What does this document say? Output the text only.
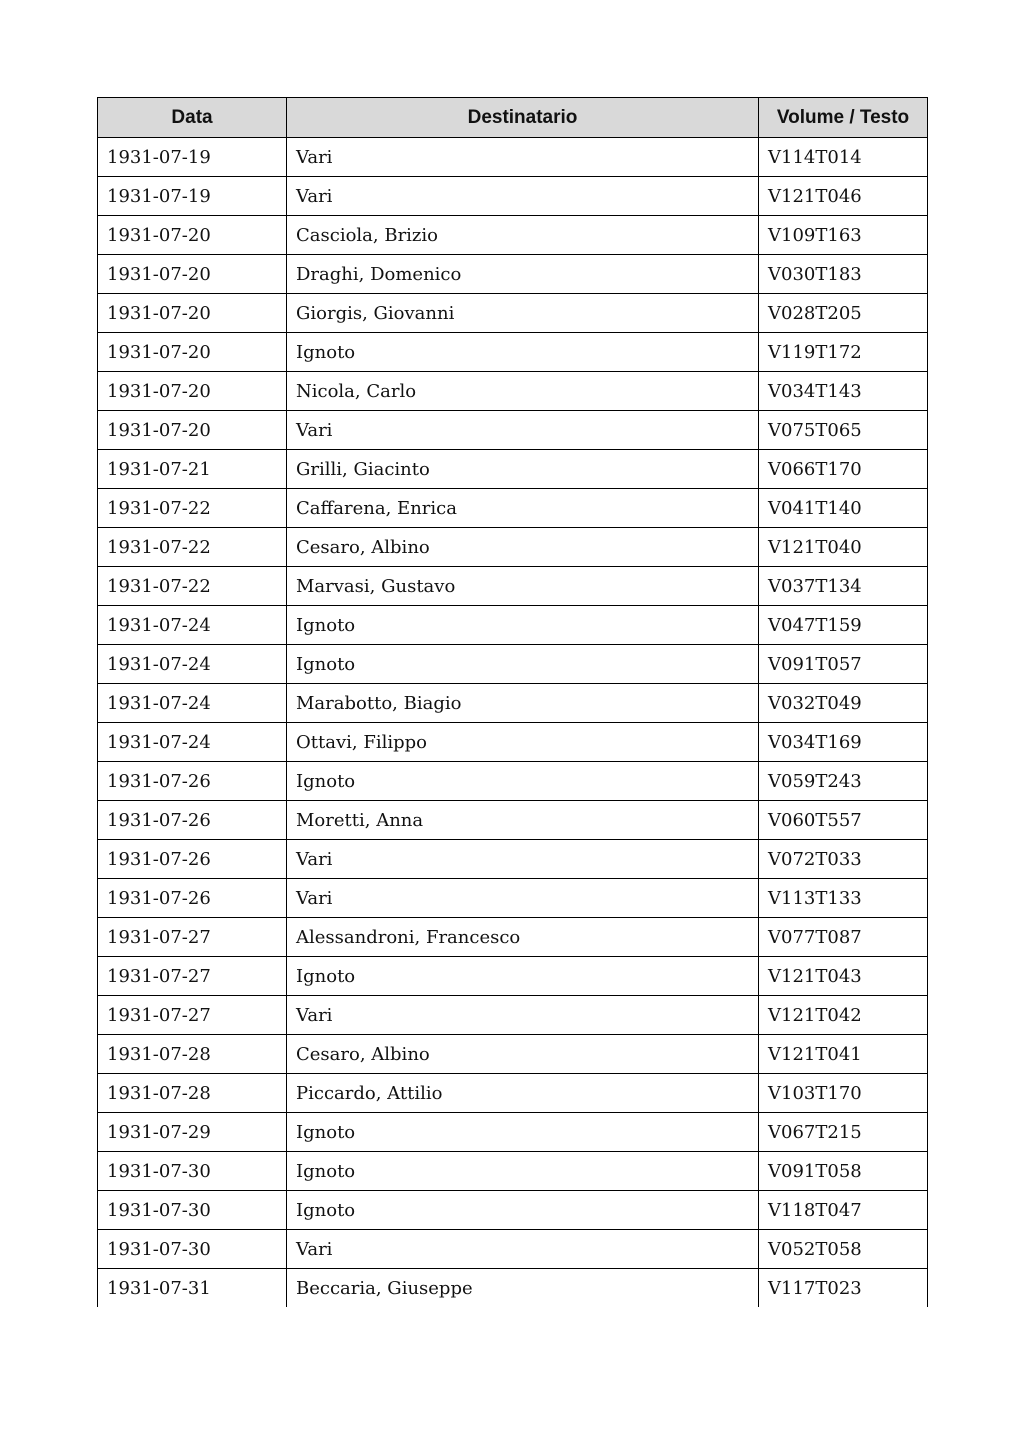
Data	Destinatario	Volume / Testo
1931-07-19	Vari	V114T014
1931-07-19	Vari	V121T046
1931-07-20	Casciola, Brizio	V109T163
1931-07-20	Draghi, Domenico	V030T183
1931-07-20	Giorgis, Giovanni	V028T205
1931-07-20	Ignoto	V119T172
1931-07-20	Nicola, Carlo	V034T143
1931-07-20	Vari	V075T065
1931-07-21	Grilli, Giacinto	V066T170
1931-07-22	Caffarena, Enrica	V041T140
1931-07-22	Cesaro, Albino	V121T040
1931-07-22	Marvasi, Gustavo	V037T134
1931-07-24	Ignoto	V047T159
1931-07-24	Ignoto	V091T057
1931-07-24	Marabotto, Biagio	V032T049
1931-07-24	Ottavi, Filippo	V034T169
1931-07-26	Ignoto	V059T243
1931-07-26	Moretti, Anna	V060T557
1931-07-26	Vari	V072T033
1931-07-26	Vari	V113T133
1931-07-27	Alessandroni, Francesco	V077T087
1931-07-27	Ignoto	V121T043
1931-07-27	Vari	V121T042
1931-07-28	Cesaro, Albino	V121T041
1931-07-28	Piccardo, Attilio	V103T170
1931-07-29	Ignoto	V067T215
1931-07-30	Ignoto	V091T058
1931-07-30	Ignoto	V118T047
1931-07-30	Vari	V052T058
1931-07-31	Beccaria, Giuseppe	V117T023
